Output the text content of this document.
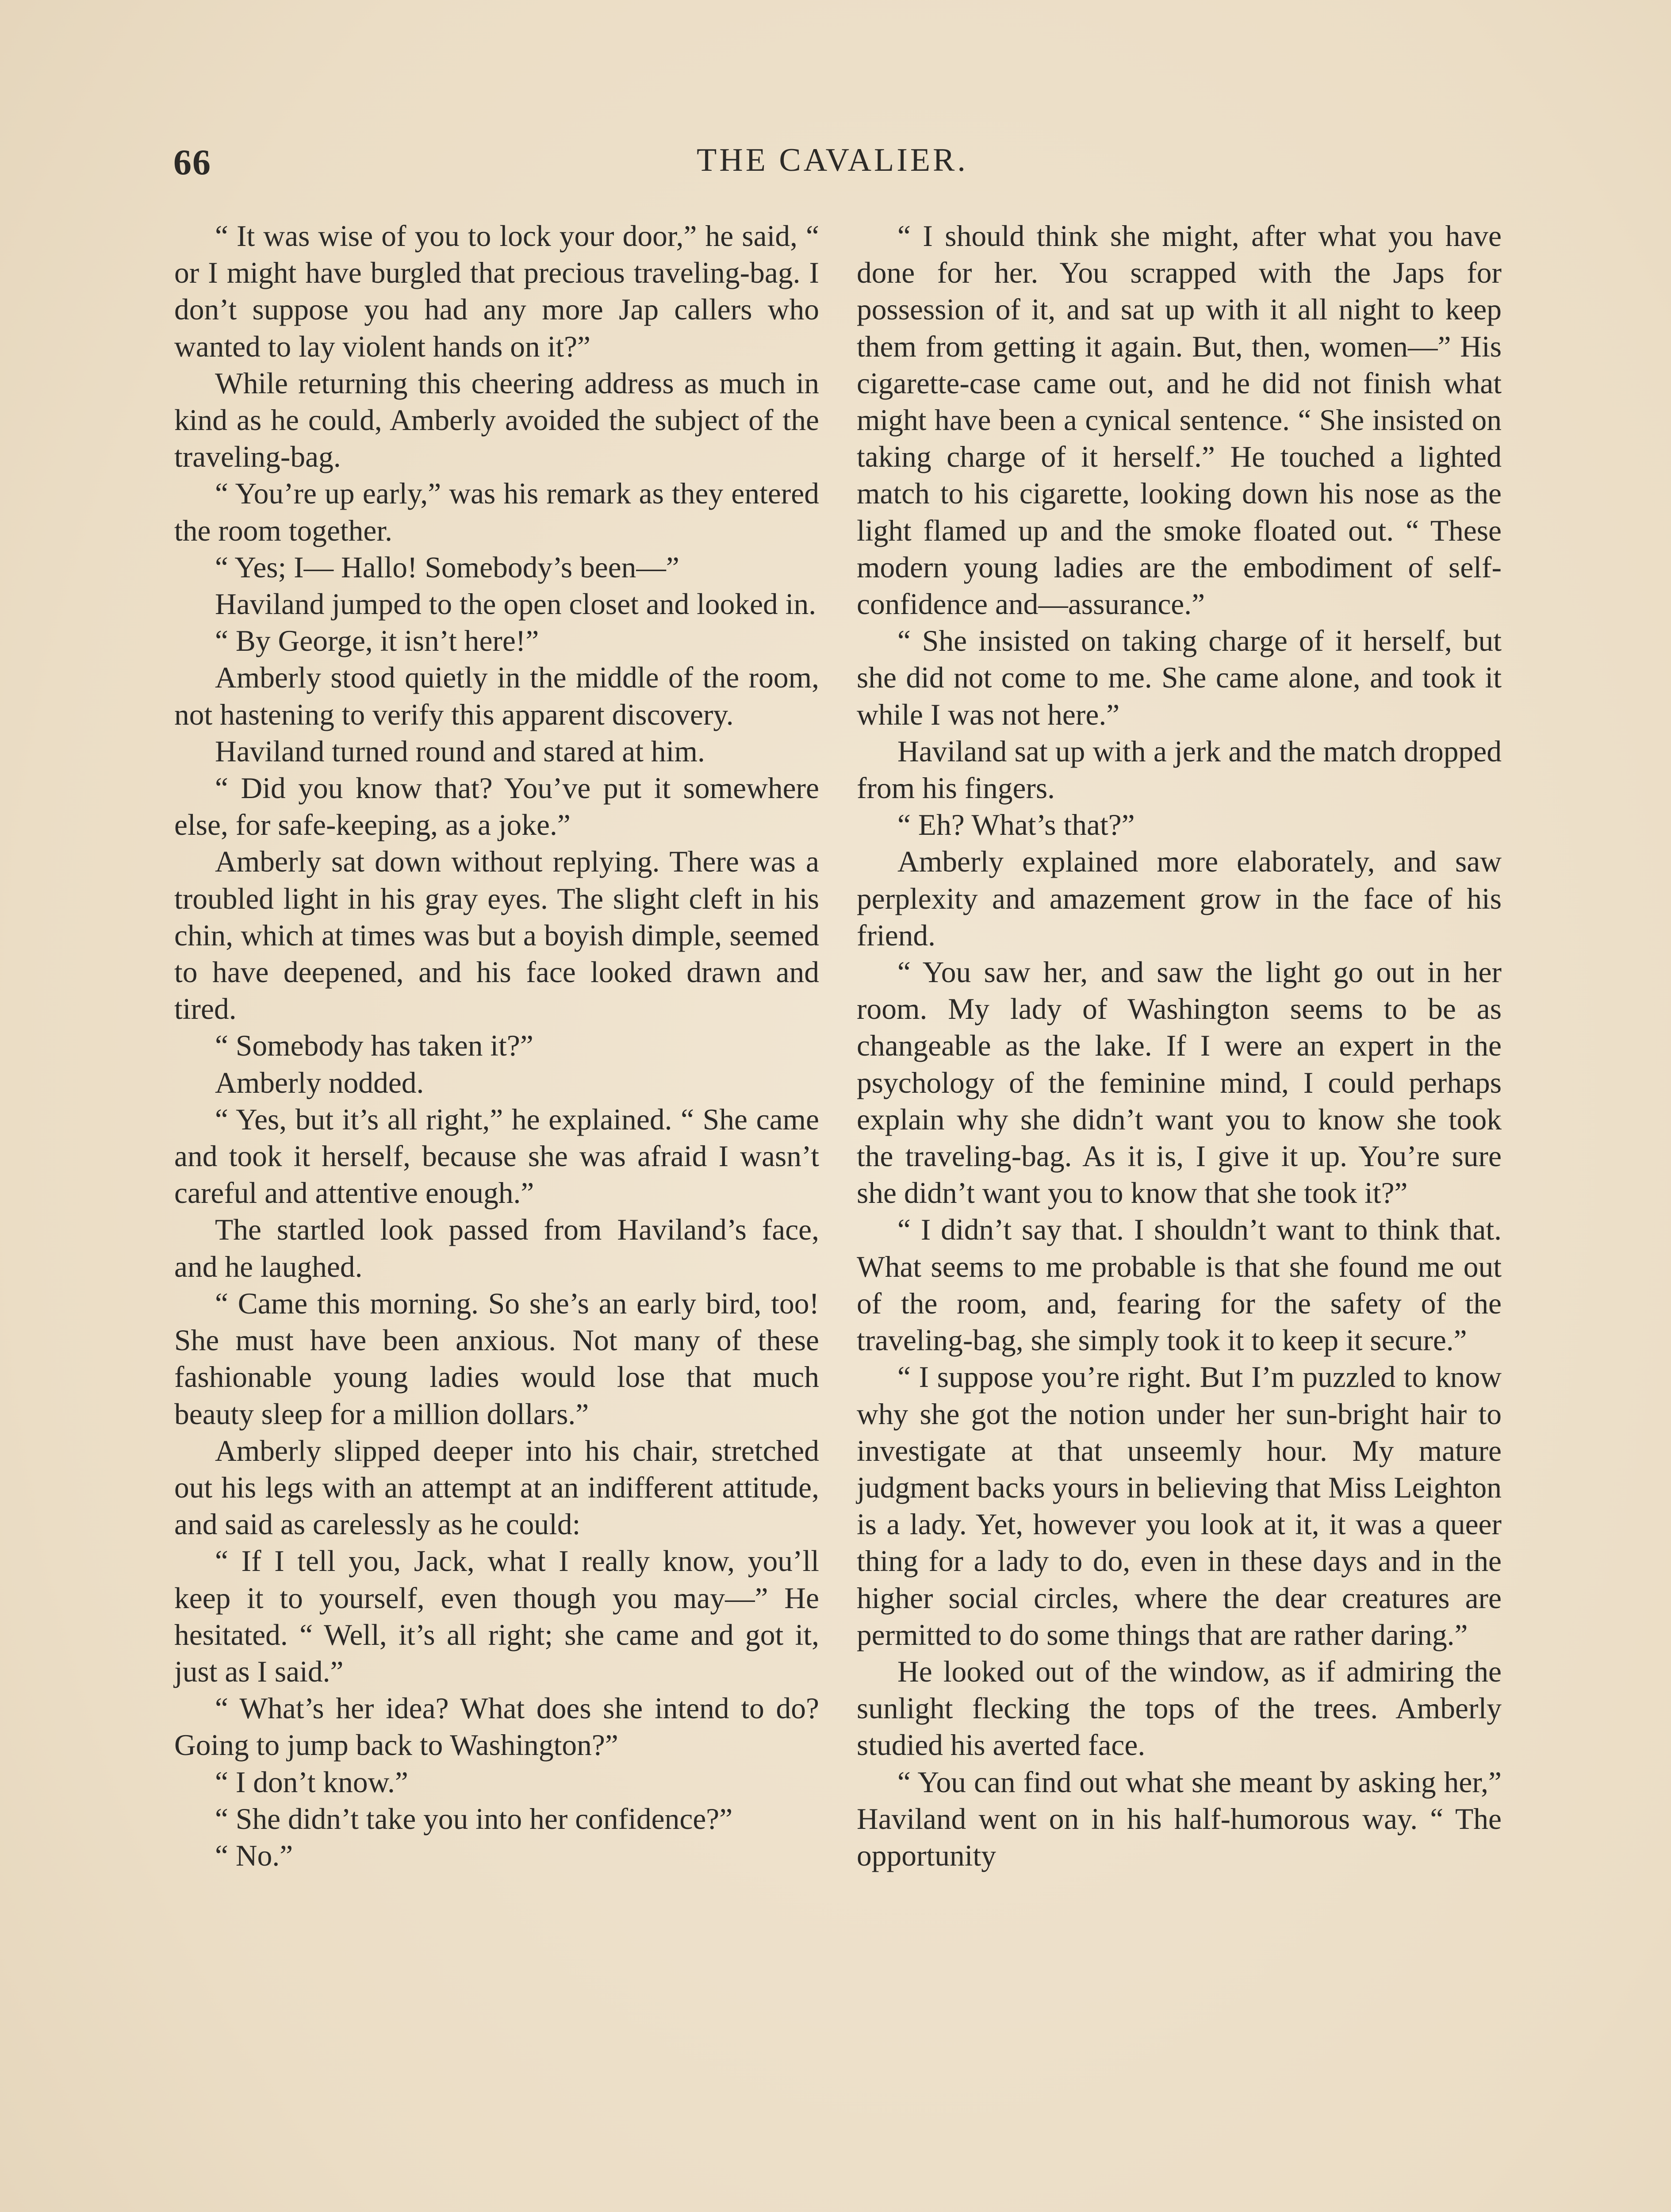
66	THE CAVALIER.

“ It was wise of you to lock your door,” he said, “ or I might have burgled that precious traveling-bag. I don’t suppose you had any more Jap callers who wanted to lay violent hands on it?”

While returning this cheering address as much in kind as he could, Amberly avoided the subject of the traveling-bag.

“ You’re up early,” was his remark as they entered the room together.

“ Yes; I— Hallo! Somebody’s been—”

Haviland jumped to the open closet and looked in.

“ By George, it isn’t here!”

Amberly stood quietly in the middle of the room, not hastening to verify this apparent discovery.

Haviland turned round and stared at him.

“ Did you know that? You’ve put it somewhere else, for safe-keeping, as a joke.”

Amberly sat down without replying. There was a troubled light in his gray eyes. The slight cleft in his chin, which at times was but a boyish dimple, seemed to have deepened, and his face looked drawn and tired.

“ Somebody has taken it?”

Amberly nodded.

“ Yes, but it’s all right,” he explained. “ She came and took it herself, because she was afraid I wasn’t careful and attentive enough.”

The startled look passed from Haviland’s face, and he laughed.

“ Came this morning. So she’s an early bird, too! She must have been anxious. Not many of these fashionable young ladies would lose that much beauty sleep for a million dollars.”

Amberly slipped deeper into his chair, stretched out his legs with an attempt at an indifferent attitude, and said as carelessly as he could:

“ If I tell you, Jack, what I really know, you’ll keep it to yourself, even though you may—” He hesitated. “ Well, it’s all right; she came and got it, just as I said.”

“ What’s her idea? What does she intend to do? Going to jump back to Washington?”

“ I don’t know.”

“ She didn’t take you into her confidence?”

“ No.”

“ I should think she might, after what you have done for her. You scrapped with the Japs for possession of it, and sat up with it all night to keep them from getting it again. But, then, women—” His cigarette-case came out, and he did not finish what might have been a cynical sentence. “ She insisted on taking charge of it herself.” He touched a lighted match to his cigarette, looking down his nose as the light flamed up and the smoke floated out. “ These modern young ladies are the embodiment of self-confidence and—assurance.”

“ She insisted on taking charge of it herself, but she did not come to me. She came alone, and took it while I was not here.”

Haviland sat up with a jerk and the match dropped from his fingers.

“ Eh? What’s that?”

Amberly explained more elaborately, and saw perplexity and amazement grow in the face of his friend.

“ You saw her, and saw the light go out in her room. My lady of Washington seems to be as changeable as the lake. If I were an expert in the psychology of the feminine mind, I could perhaps explain why she didn’t want you to know she took the traveling-bag. As it is, I give it up. You’re sure she didn’t want you to know that she took it?”

“ I didn’t say that. I shouldn’t want to think that. What seems to me probable is that she found me out of the room, and, fearing for the safety of the traveling-bag, she simply took it to keep it secure.”

“ I suppose you’re right. But I’m puzzled to know why she got the notion under her sun-bright hair to investigate at that unseemly hour. My mature judgment backs yours in believing that Miss Leighton is a lady. Yet, however you look at it, it was a queer thing for a lady to do, even in these days and in the higher social circles, where the dear creatures are permitted to do some things that are rather daring.”

He looked out of the window, as if admiring the sunlight flecking the tops of the trees. Amberly studied his averted face.

“ You can find out what she meant by asking her,” Haviland went on in his half-humorous way. “ The opportunity
